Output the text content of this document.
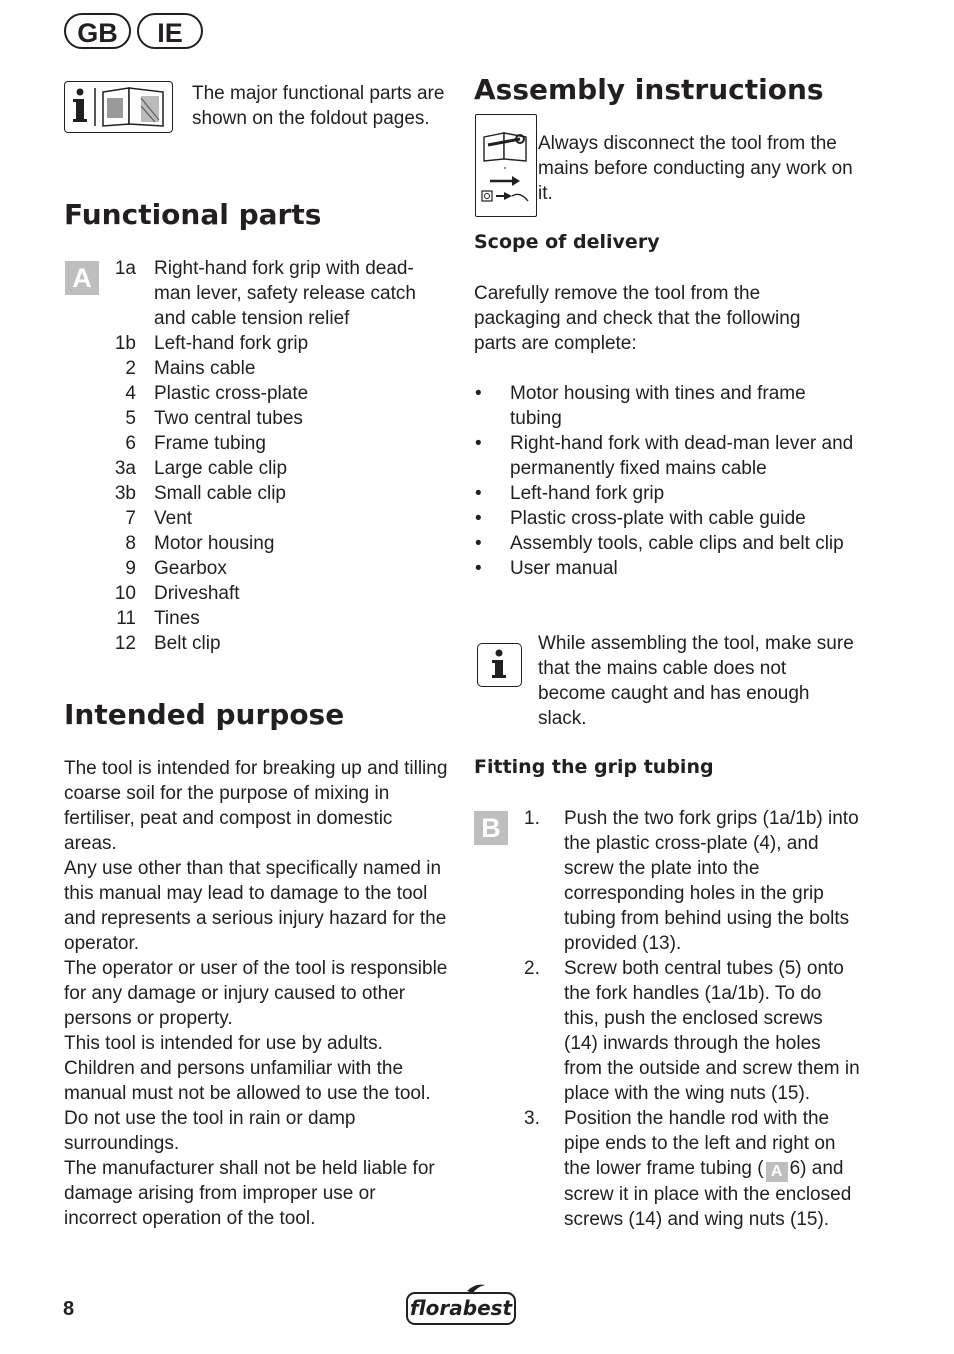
GB	IE
The major functional parts are shown on the foldout pages.
Functional parts
A	1a Right-hand fork grip with dead-man lever, safety release catch and cable tension relief
1b Left-hand fork grip
2 Mains cable
4 Plastic cross-plate
5 Two central tubes
6 Frame tubing
3a Large cable clip
3b Small cable clip
7 Vent
8 Motor housing
9 Gearbox
10 Driveshaft
11 Tines
12 Belt clip
Intended purpose
The tool is intended for breaking up and tilling coarse soil for the purpose of mixing in fertiliser, peat and compost in domestic areas.
Any use other than that specifically named in this manual may lead to damage to the tool and represents a serious injury hazard for the operator.
The operator or user of the tool is responsible for any damage or injury caused to other persons or property.
This tool is intended for use by adults. Children and persons unfamiliar with the manual must not be allowed to use the tool. Do not use the tool in rain or damp surroundings.
The manufacturer shall not be held liable for damage arising from improper use or incorrect operation of the tool.
Assembly instructions
Always disconnect the tool from the mains before conducting any work on it.
Scope of delivery
Carefully remove the tool from the packaging and check that the following parts are complete:
•	Motor housing with tines and frame tubing
•	Right-hand fork with dead-man lever and permanently fixed mains cable
•	Left-hand fork grip
•	Plastic cross-plate with cable guide
•	Assembly tools, cable clips and belt clip
•	User manual
While assembling the tool, make sure that the mains cable does not become caught and has enough slack.
Fitting the grip tubing
B	1.	Push the two fork grips (1a/1b) into the plastic cross-plate (4), and screw the plate into the corresponding holes in the grip tubing from behind using the bolts provided (13).
2.	Screw both central tubes (5) onto the fork handles (1a/1b). To do this, push the enclosed screws (14) inwards through the holes from the outside and screw them in place with the wing nuts (15).
3.	Position the handle rod with the pipe ends to the left and right on the lower frame tubing ( A 6) and screw it in place with the enclosed screws (14) and wing nuts (15).
8	florabest
